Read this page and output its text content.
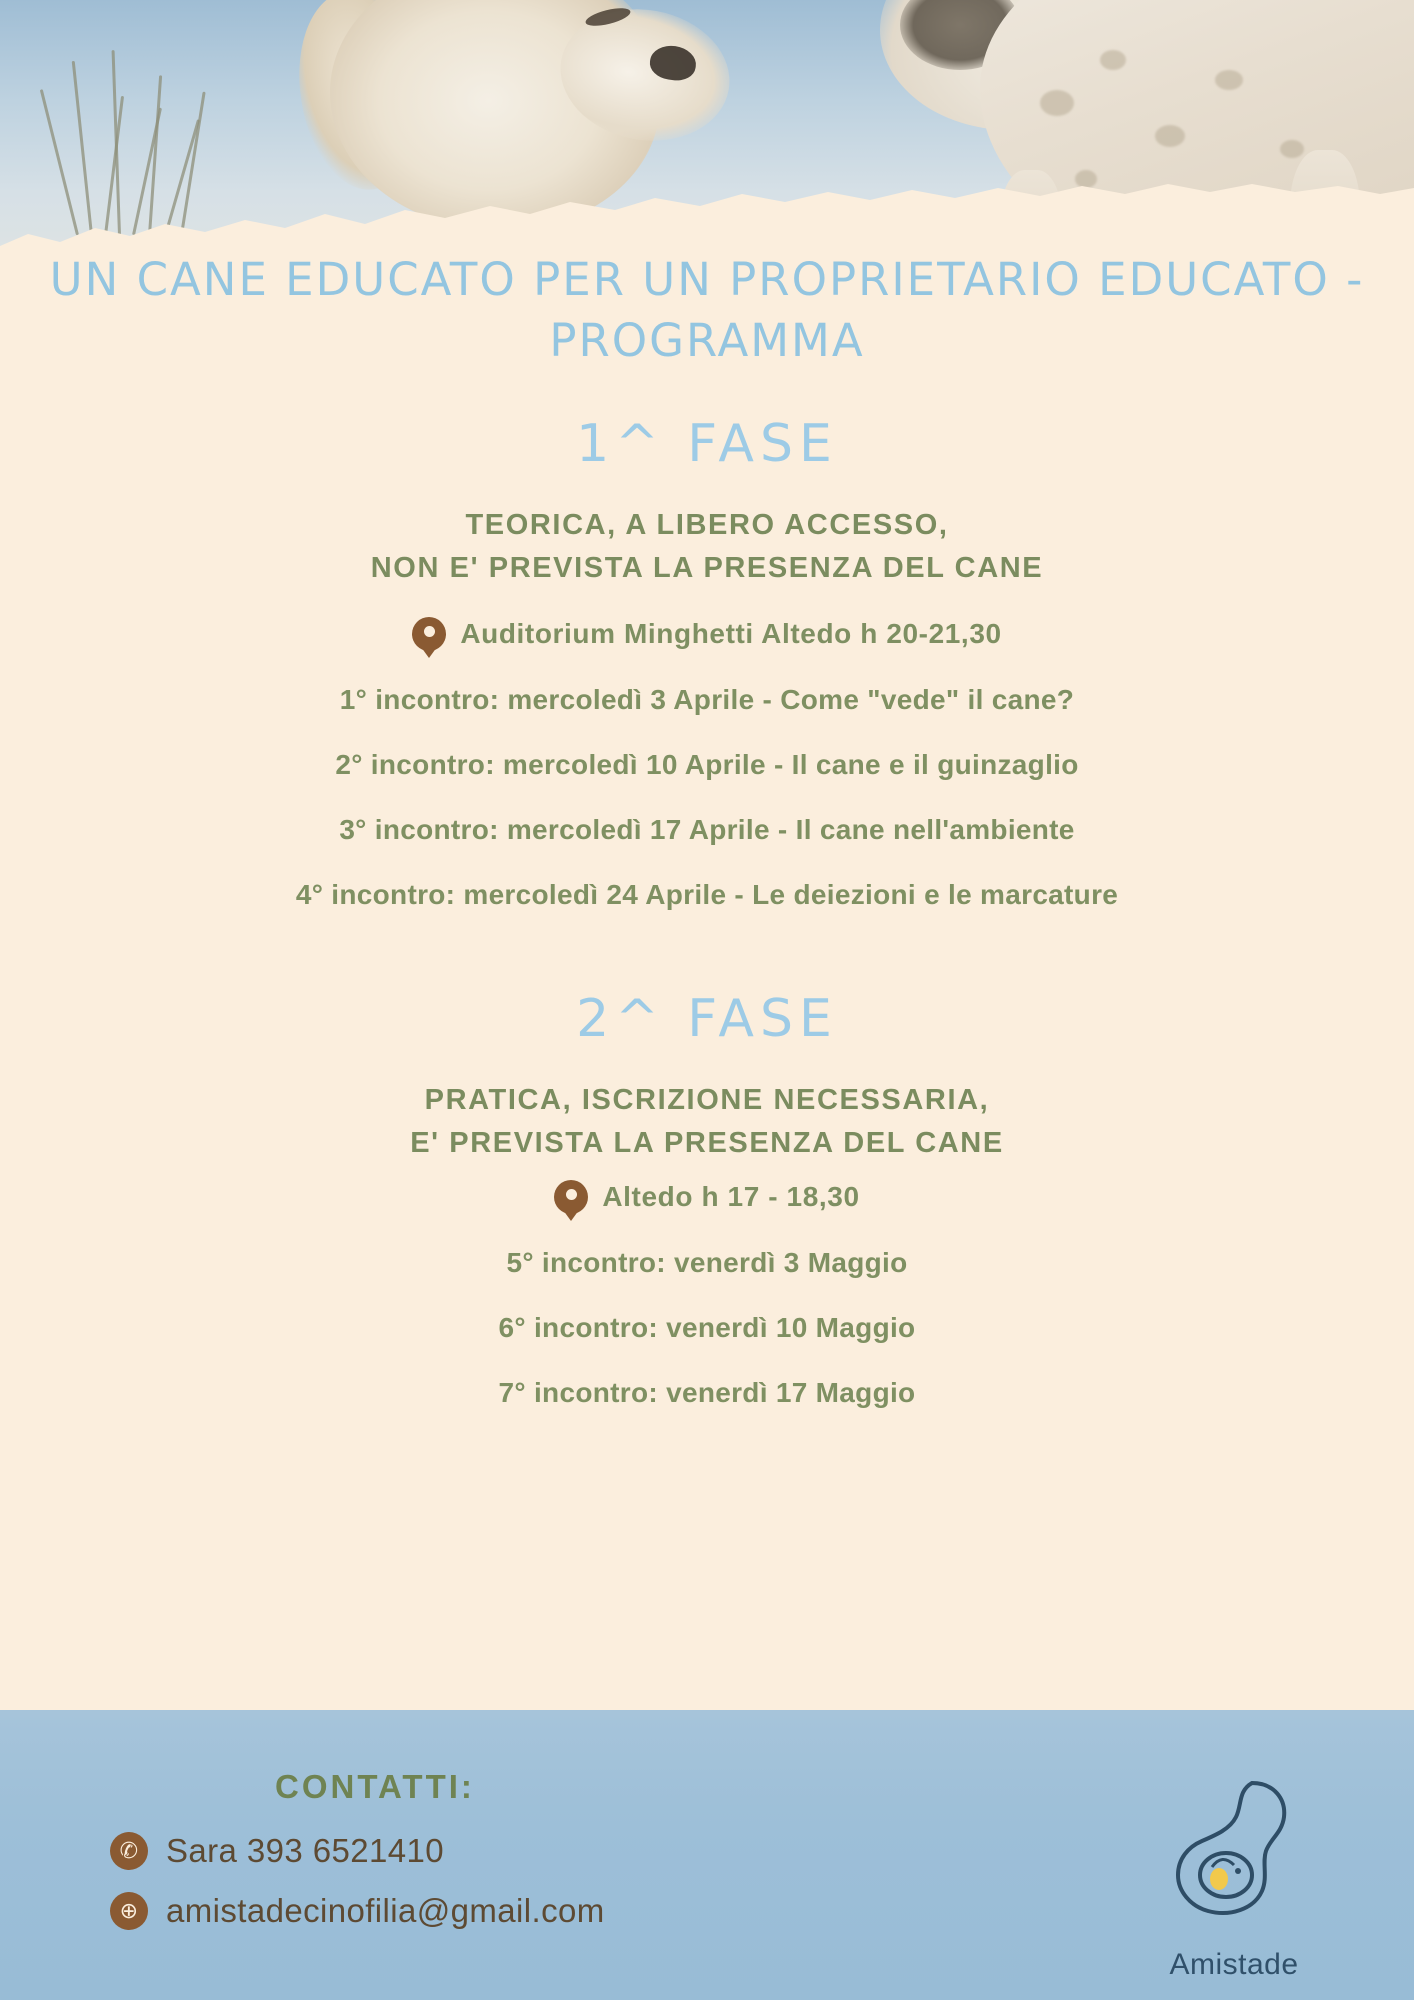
UN CANE EDUCATO PER UN PROPRIETARIO EDUCATO - PROGRAMMA
1^ FASE
TEORICA, A LIBERO ACCESSO,
NON E' PREVISTA LA PRESENZA DEL CANE
Auditorium Minghetti Altedo h 20-21,30
1° incontro: mercoledì 3 Aprile - Come "vede" il cane?
2° incontro: mercoledì 10 Aprile - Il cane e il guinzaglio
3° incontro: mercoledì 17 Aprile - Il cane nell'ambiente
4° incontro: mercoledì 24 Aprile - Le deiezioni e le marcature
2^ FASE
PRATICA, ISCRIZIONE NECESSARIA,
E' PREVISTA LA PRESENZA DEL CANE
Altedo h 17 - 18,30
5° incontro: venerdì 3 Maggio
6° incontro: venerdì 10 Maggio
7° incontro: venerdì 17 Maggio
CONTATTI:
✆ Sara 393 6521410
⊕ amistadecinofilia@gmail.com
Amistade
